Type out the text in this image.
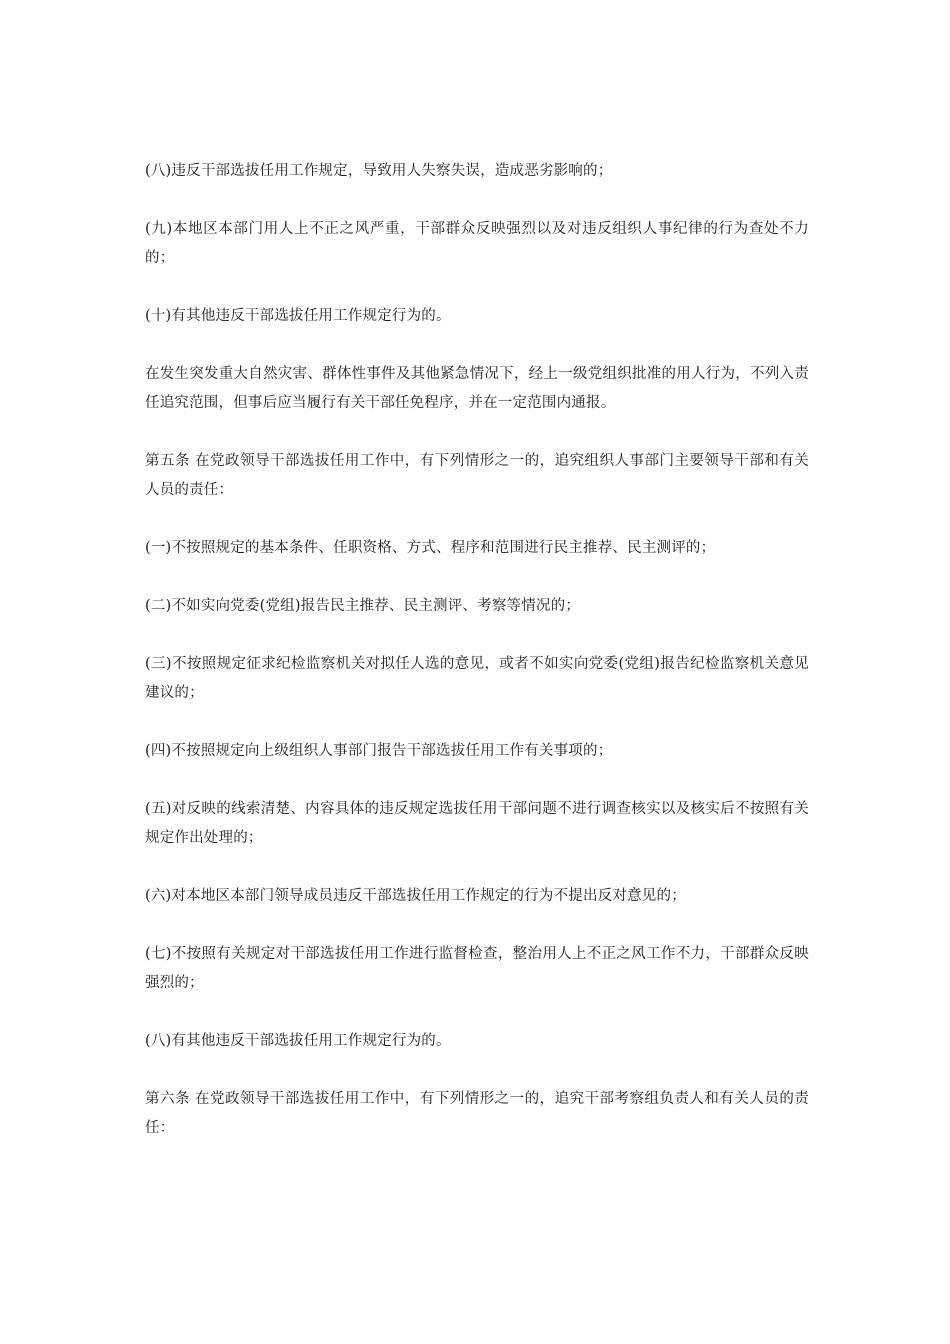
(八)违反干部选拔任用工作规定，导致用人失察失误，造成恶劣影响的；

(九)本地区本部门用人上不正之风严重，干部群众反映强烈以及对违反组织人事纪律的行为查处不力的；

(十)有其他违反干部选拔任用工作规定行为的。

在发生突发重大自然灾害、群体性事件及其他紧急情况下，经上一级党组织批准的用人行为，不列入责任追究范围，但事后应当履行有关干部任免程序，并在一定范围内通报。

第五条 在党政领导干部选拔任用工作中，有下列情形之一的，追究组织人事部门主要领导干部和有关人员的责任：

(一)不按照规定的基本条件、任职资格、方式、程序和范围进行民主推荐、民主测评的；

(二)不如实向党委(党组)报告民主推荐、民主测评、考察等情况的；

(三)不按照规定征求纪检监察机关对拟任人选的意见，或者不如实向党委(党组)报告纪检监察机关意见建议的；

(四)不按照规定向上级组织人事部门报告干部选拔任用工作有关事项的；

(五)对反映的线索清楚、内容具体的违反规定选拔任用干部问题不进行调查核实以及核实后不按照有关规定作出处理的；

(六)对本地区本部门领导成员违反干部选拔任用工作规定的行为不提出反对意见的；

(七)不按照有关规定对干部选拔任用工作进行监督检查，整治用人上不正之风工作不力，干部群众反映强烈的；

(八)有其他违反干部选拔任用工作规定行为的。

第六条 在党政领导干部选拔任用工作中，有下列情形之一的，追究干部考察组负责人和有关人员的责任：
